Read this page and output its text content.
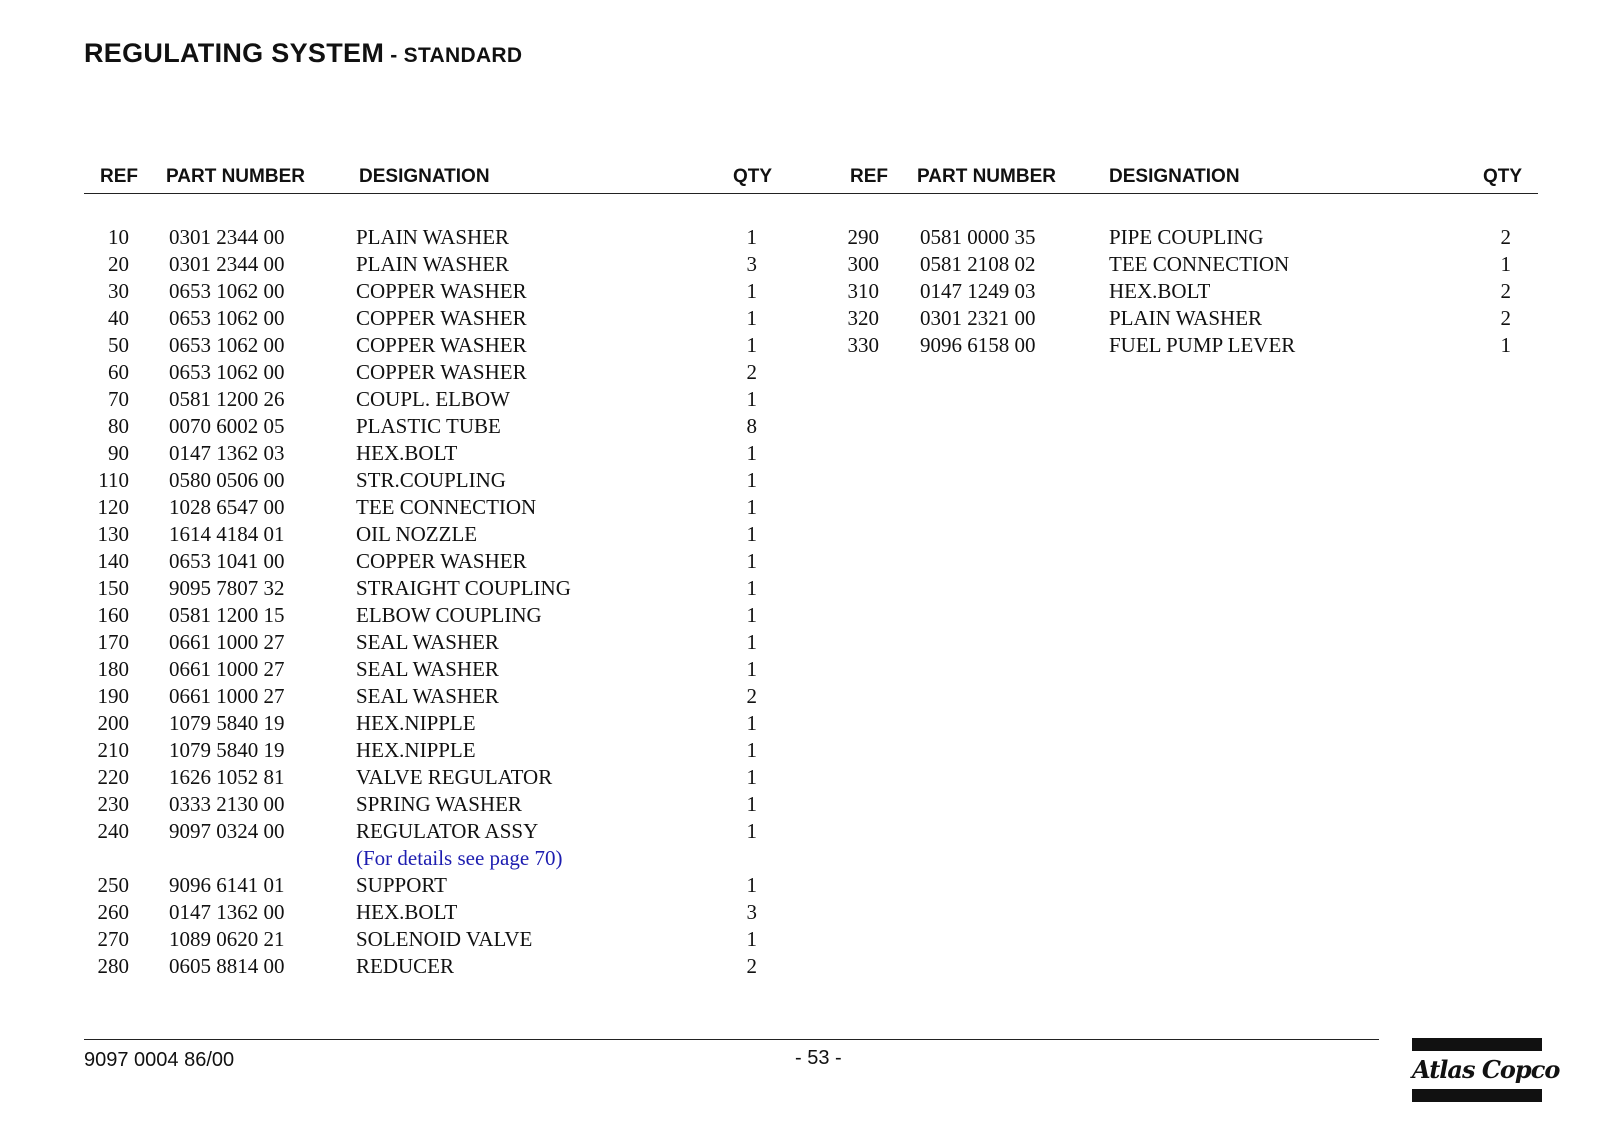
REGULATING SYSTEM - STANDARD
REF PART NUMBER	DESIGNATION	QTY	REF PART NUMBER	DESIGNATION	QTY
10 0301 2344 00	PLAIN WASHER	1
20 0301 2344 00	PLAIN WASHER	3
30 0653 1062 00	COPPER WASHER	1
40 0653 1062 00	COPPER WASHER	1
50 0653 1062 00	COPPER WASHER	1
60 0653 1062 00	COPPER WASHER	2
70 0581 1200 26	COUPL. ELBOW	1
80 0070 6002 05	PLASTIC TUBE	8
90 0147 1362 03	HEX.BOLT	1
110 0580 0506 00	STR.COUPLING	1
120 1028 6547 00	TEE CONNECTION	1
130 1614 4184 01	OIL NOZZLE	1
140 0653 1041 00	COPPER WASHER	1
150 9095 7807 32	STRAIGHT COUPLING	1
160 0581 1200 15	ELBOW COUPLING	1
170 0661 1000 27	SEAL WASHER	1
180 0661 1000 27	SEAL WASHER	1
190 0661 1000 27	SEAL WASHER	2
200 1079 5840 19	HEX.NIPPLE	1
210 1079 5840 19	HEX.NIPPLE	1
220 1626 1052 81	VALVE REGULATOR	1
230 0333 2130 00	SPRING WASHER	1
240 9097 0324 00	REGULATOR ASSY	1
(For details see page 70)
250 9096 6141 01	SUPPORT	1
260 0147 1362 00	HEX.BOLT	3
270 1089 0620 21	SOLENOID VALVE	1
280 0605 8814 00	REDUCER	2
290 0581 0000 35	PIPE COUPLING	2
300 0581 2108 02	TEE CONNECTION	1
310 0147 1249 03	HEX.BOLT	2
320 0301 2321 00	PLAIN WASHER	2
330 9096 6158 00	FUEL PUMP LEVER	1
9097 0004 86/00	- 53 -	Atlas Copco
